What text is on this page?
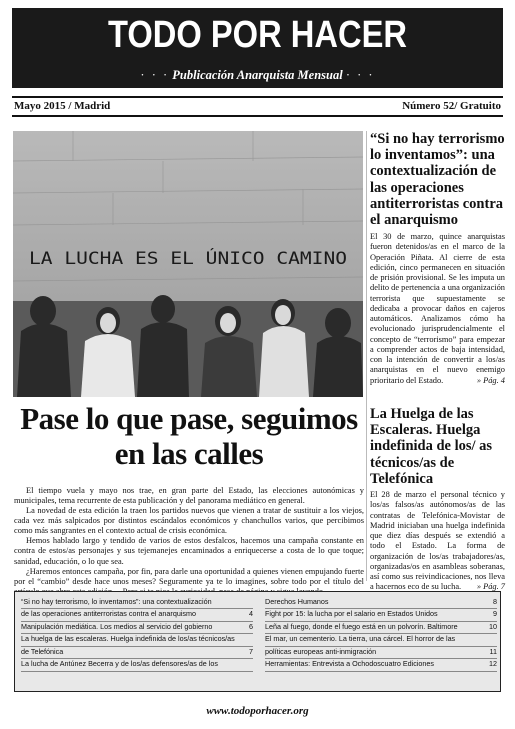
TODO POR HACER
· · · Publicación Anarquista Mensual · · ·
Mayo 2015 / Madrid	Número 52/ Gratuito
LA LUCHA ES EL ÚNICO CAMINO
“Si no hay terrorismo lo inventamos”: una contextualización de las operaciones antiterroristas contra el anarquismo
El 30 de marzo, quince anarquistas fueron detenidos/as en el marco de la Operación Piñata. Al cierre de esta edición, cinco permanecen en situación de prisión provisional. Se les imputa un delito de pertenencia a una organización terrorista que supuestamente se dedicaba a provocar daños en cajeros automáticos. Analizamos cómo ha evolucionado jurisprudencialmente el concepto de “terrorismo” para empezar a comprender actos de baja intensidad, con la intención de convertir a los/as anarquistas en el nuevo enemigo prioritario del Estado.	» Pág. 4
Pase lo que pase, seguimos en las calles

El tiempo vuela y mayo nos trae, en gran parte del Estado, las elecciones autonómicas y municipales, tema recurrente de esta publicación y del panorama mediático en general.

La novedad de esta edición la traen los partidos nuevos que vienen a tratar de sustituir a los viejos, cada vez más salpicados por distintos escándalos económicos y chanchullos varios, que percibimos como más sangrantes en el contexto actual de crisis económica.

Hemos hablado largo y tendido de varios de estos desfalcos, hacemos una campaña constante en contra de estos/as personajes y sus tejemanejes encaminados a enriquecerse a costa de lo que toque; sanidad, educación, o lo que sea.

¿Haremos entonces campaña, por fin, para darle una oportunidad a quienes vienen empujando fuerte por el “cambio” desde hace unos meses? Seguramente ya te lo imagines, sobre todo por el título del

La Huelga de las Escaleras. Huelga indefinida de los/ as técnicos/as de Telefónica
El 28 de marzo el personal técnico y los/as falsos/as autónomos/as de las contratas de Telefónica-Movistar de Madrid iniciaban una huelga indefinida que diez días después se extendió a todo el Estado. La forma de organización de los/as trabajadores/as, organizadas/os en asambleas soberanas, así como sus reivindicaciones, nos lleva a hacernos eco de su lucha. » Pág. 7
“Si no hay terrorismo, lo inventamos”: una contextualización
de las operaciones antiterroristas contra el anarquismo	4
Manipulación mediática. Los medios al servicio del gobierno	6
La huelga de las escaleras. Huelga indefinida de los/as técnicos/as
de Telefónica	7
La lucha de Antúnez Becerra y de los/as defensores/as de los
Derechos Humanos	8
Fight por 15: la lucha por el salario en Estados Unidos	9
Leña al fuego, donde el fuego está en un polvorín. Baltimore	10
El mar, un cementerio. La tierra, una cárcel. El horror de las
políticas europeas anti-inmigración	11
Herramientas: Entrevista a Ochodoscuatro Ediciones	12
www.todoporhacer.org
